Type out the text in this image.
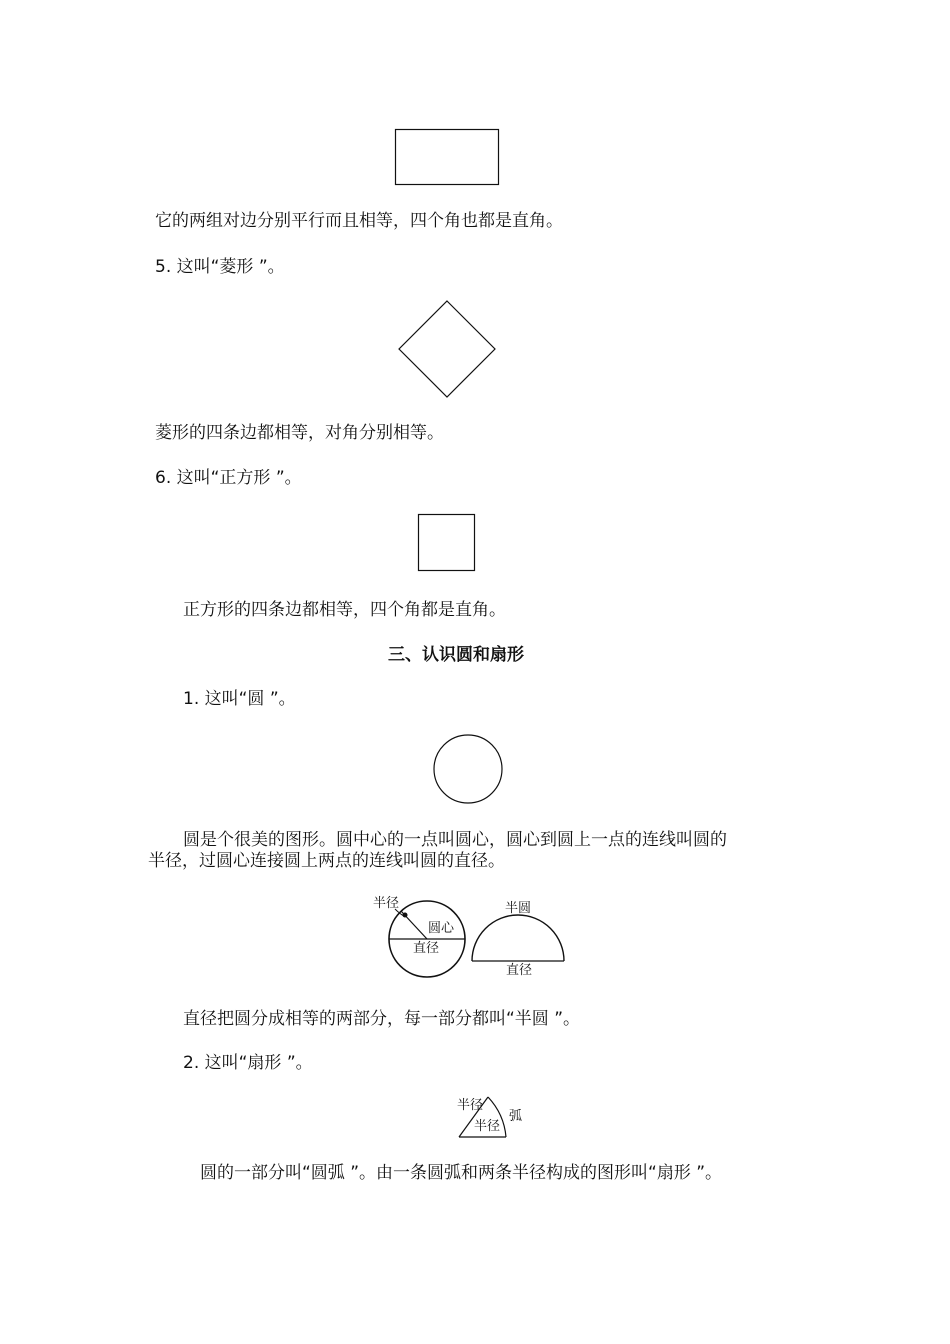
它的两组对边分别平行而且相等，四个角也都是直角。
5. 这叫“菱形 ”。
菱形的四条边都相等，对角分别相等。
6. 这叫“正方形 ”。
正方形的四条边都相等，四个角都是直角。
三、认识圆和扇形
1. 这叫“圆 ”。
圆是个很美的图形。圆中心的一点叫圆心，圆心到圆上一点的连线叫圆的
半径，过圆心连接圆上两点的连线叫圆的直径。
半径
圆心
直径
半圆
直径
直径把圆分成相等的两部分，每一部分都叫“半圆 ”。
2. 这叫“扇形 ”。
半径
半径
弧
圆的一部分叫“圆弧 ”。由一条圆弧和两条半径构成的图形叫“扇形 ”。
